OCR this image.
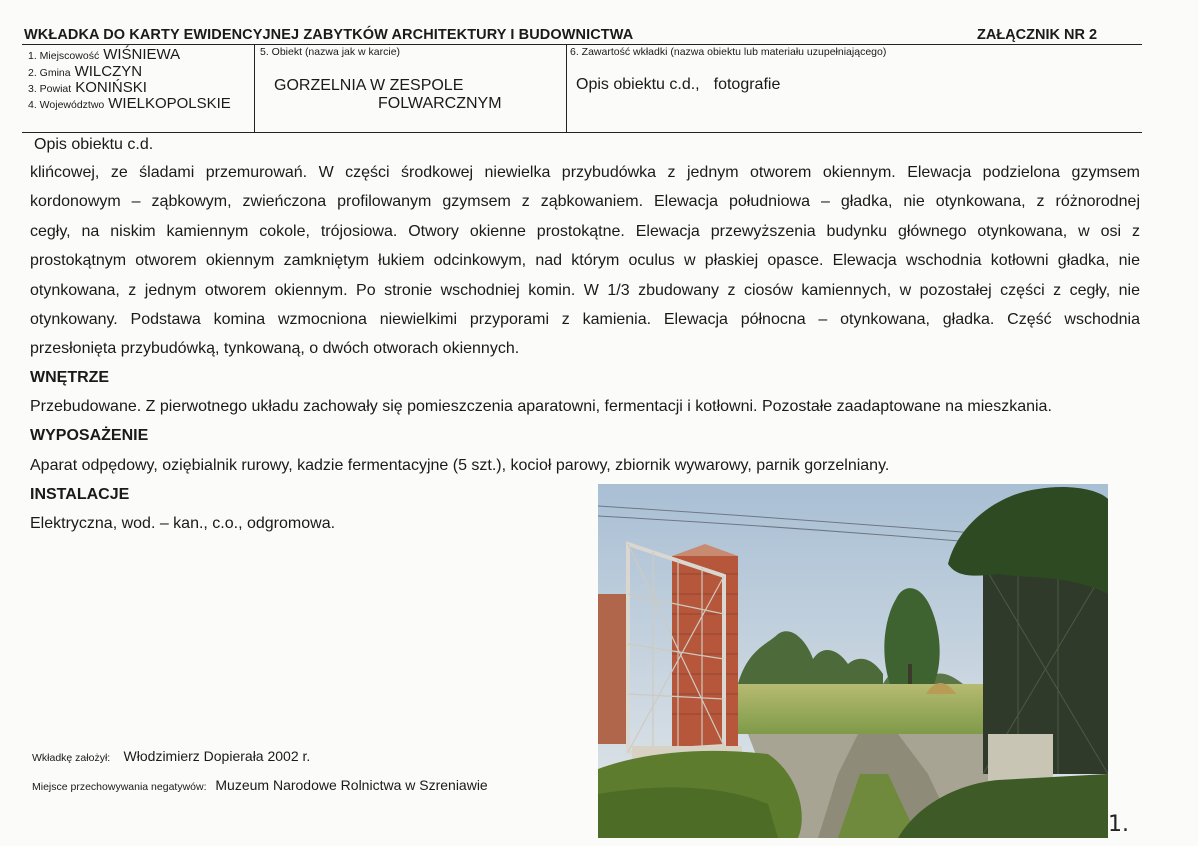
WKŁADKA DO KARTY EWIDENCYJNEJ ZABYTKÓW ARCHITEKTURY I BUDOWNICTWA	ZAŁĄCZNIK NR 2
1. Miejscowość WIŚNIEWA
2. Gmina WILCZYN
3. Powiat KONIŃSKI
4. Województwo WIELKOPOLSKIE
5. Obiekt (nazwa jak w karcie)
GORZELNIA W ZESPOLE
FOLWARCZNYM
6. Zawartość wkładki (nazwa obiektu lub materiału uzupełniającego)
Opis obiektu c.d., fotografie
Opis obiektu c.d.
klińcowej, ze śladami przemurowań. W części środkowej niewielka przybudówka z jednym otworem okiennym. Elewacja podzielona gzymsem
kordonowym – ząbkowym, zwieńczona profilowanym gzymsem z ząbkowaniem. Elewacja południowa – gładka, nie otynkowana, z różnorodnej
cegły, na niskim kamiennym cokole, trójosiowa. Otwory okienne prostokątne. Elewacja przewyższenia budynku głównego otynkowana, w osi z
prostokątnym otworem okiennym zamkniętym łukiem odcinkowym, nad którym oculus w płaskiej opasce. Elewacja wschodnia kotłowni gładka, nie
otynkowana, z jednym otworem okiennym. Po stronie wschodniej komin. W 1/3 zbudowany z ciosów kamiennych, w pozostałej części z cegły, nie
otynkowany. Podstawa komina wzmocniona niewielkimi przyporami z kamienia. Elewacja północna – otynkowana, gładka. Część wschodnia
przesłonięta przybudówką, tynkowaną, o dwóch otworach okiennych.
WNĘTRZE
Przebudowane. Z pierwotnego układu zachowały się pomieszczenia aparatowni, fermentacji i kotłowni. Pozostałe zaadaptowane na mieszkania.
WYPOSAŻENIE
Aparat odpędowy, oziębialnik rurowy, kadzie fermentacyjne (5 szt.), kocioł parowy, zbiornik wywarowy, parnik gorzelniany.
INSTALACJE
Elektryczna, wod. – kan., c.o., odgromowa.
Wkładkę założył: Włodzimierz Dopierała 2002 r.
Miejsce przechowywania negatywów: Muzeum Narodowe Rolnictwa w Szreniawie
1.
